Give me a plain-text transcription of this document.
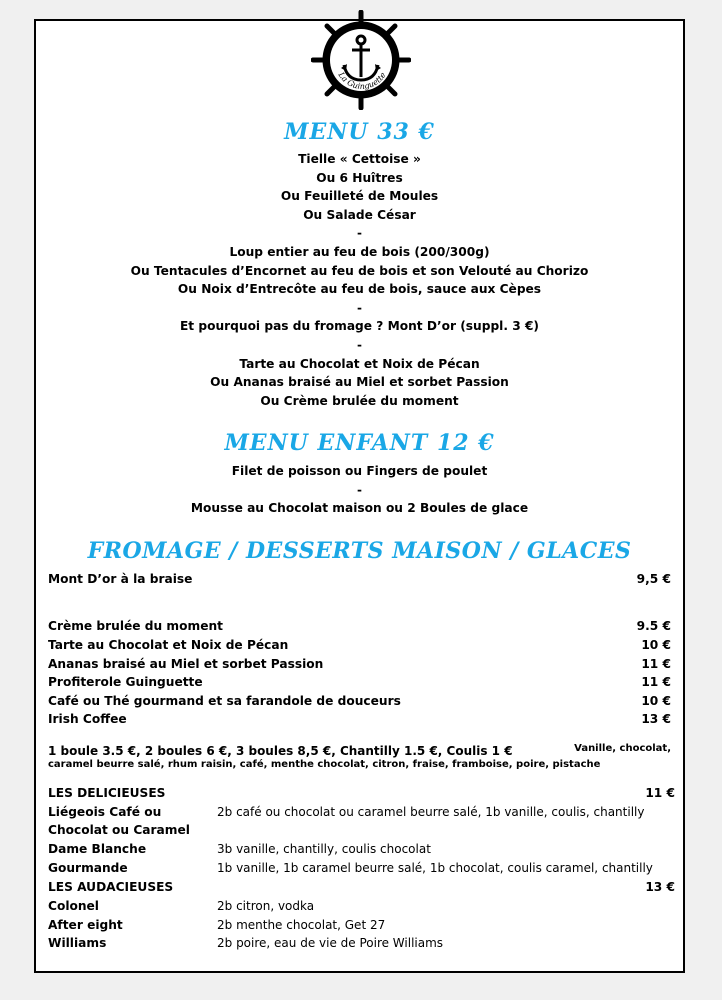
La Guinguette
MENU 33 €
Tielle « Cettoise »
Ou 6 Huîtres
Ou Feuilleté de Moules
Ou Salade César
-
Loup entier au feu de bois (200/300g)
Ou Tentacules d’Encornet au feu de bois et son Velouté au Chorizo
Ou Noix d’Entrecôte au feu de bois, sauce aux Cèpes
-
Et pourquoi pas du fromage ? Mont D’or (suppl. 3 €)
-
Tarte au Chocolat et Noix de Pécan
Ou Ananas braisé au Miel et sorbet Passion
Ou Crème brulée du moment
MENU ENFANT 12 €
Filet de poisson ou Fingers de poulet
-
Mousse au Chocolat maison ou 2 Boules de glace
FROMAGE / DESSERTS MAISON / GLACES
Mont D’or à la braise	9,5 €
Crème brulée du moment	9.5 €
Tarte au Chocolat et Noix de Pécan	10 €
Ananas braisé au Miel et sorbet Passion	11 €
Profiterole Guinguette	11 €
Café ou Thé gourmand et sa farandole de douceurs	10 €
Irish Coffee	13 €
1 boule 3.5 €, 2 boules 6 €, 3 boules 8,5 €, Chantilly 1.5 €, Coulis 1 €	Vanille, chocolat,
caramel beurre salé, rhum raisin, café, menthe chocolat, citron, fraise, framboise, poire, pistache
LES DELICIEUSES	11 €
Liégeois Café ou	2b café ou chocolat ou caramel beurre salé, 1b vanille, coulis, chantilly
Chocolat ou Caramel
Dame Blanche	3b vanille, chantilly, coulis chocolat
Gourmande	1b vanille, 1b caramel beurre salé, 1b chocolat, coulis caramel, chantilly
LES AUDACIEUSES	13 €
Colonel	2b citron, vodka
After eight	2b menthe chocolat, Get 27
Williams	2b poire, eau de vie de Poire Williams
